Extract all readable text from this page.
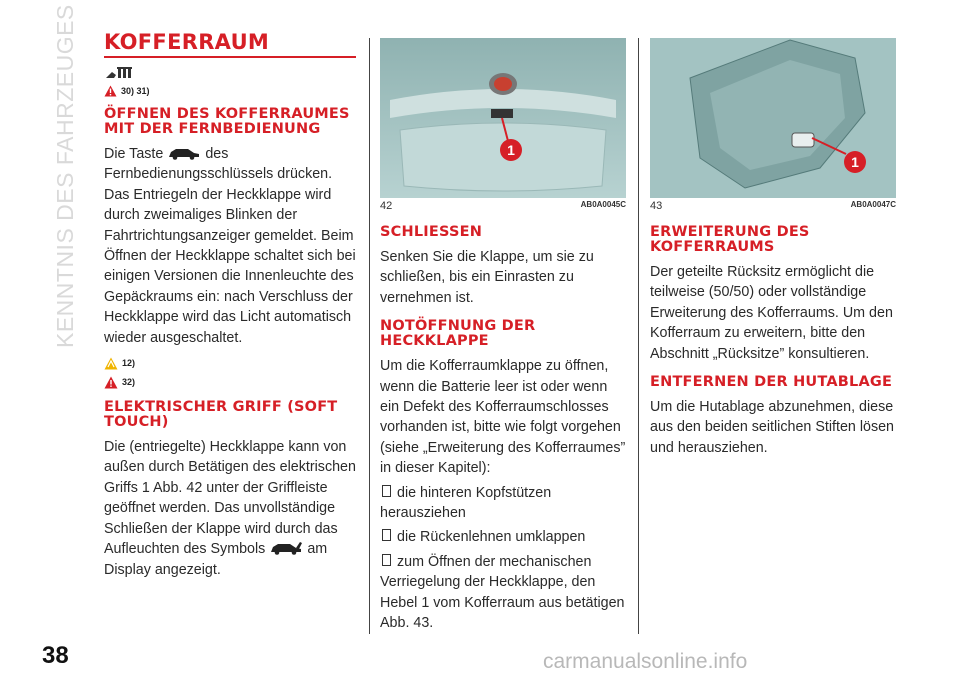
KENNTNIS DES FAHRZEUGES KOFFERRAUM
30) 31)
ÖFFNEN DES KOFFERRAUMES MIT DER FERNBEDIENUNG

Die Taste	des Fernbedienungsschlüssels drücken. Das Entriegeln der Heckklappe wird durch zweimaliges Blinken der Fahrtrichtungsanzeiger gemeldet. Beim Öffnen der Heckklappe schaltet sich bei einigen Versionen die Innenleuchte des Gepäckraums ein: nach Verschluss der Heckklappe wird das Licht automatisch wieder ausgeschaltet.

12)
32)
ELEKTRISCHER GRIFF (SOFT TOUCH)

Die (entriegelte) Heckklappe kann von außen durch Betätigen des elektrischen Griffs 1 Abb. 42 unter der Griffleiste geöffnet werden. Das unvollständige Schließen der Klappe wird durch das Aufleuchten des Symbols	am Display angezeigt.

1
42	AB0A0045C
SCHLIESSEN

Senken Sie die Klappe, um sie zu schließen, bis ein Einrasten zu vernehmen ist.

NOTÖFFNUNG DER HECKKLAPPE

Um die Kofferraumklappe zu öffnen, wenn die Batterie leer ist oder wenn ein Defekt des Kofferraumschlosses vorhanden ist, bitte wie folgt vorgehen (siehe „Erweiterung des Kofferraumes” in dieser Kapitel):

die hinteren Kopfstützen herausziehen
die Rückenlehnen umklappen
zum Öffnen der mechanischen Verriegelung der Heckklappe, den Hebel 1 vom Kofferraum aus betätigen Abb. 43.
1
43	AB0A0047C
ERWEITERUNG DES KOFFERRAUMS

Der geteilte Rücksitz ermöglicht die teilweise (50/50) oder vollständige Erweiterung des Kofferraums. Um den Kofferraum zu erweitern, bitte den Abschnitt „Rücksitze” konsultieren.

ENTFERNEN DER HUTABLAGE

Um die Hutablage abzunehmen, diese aus den beiden seitlichen Stiften lösen und herausziehen.

38	carmanualsonline.info
